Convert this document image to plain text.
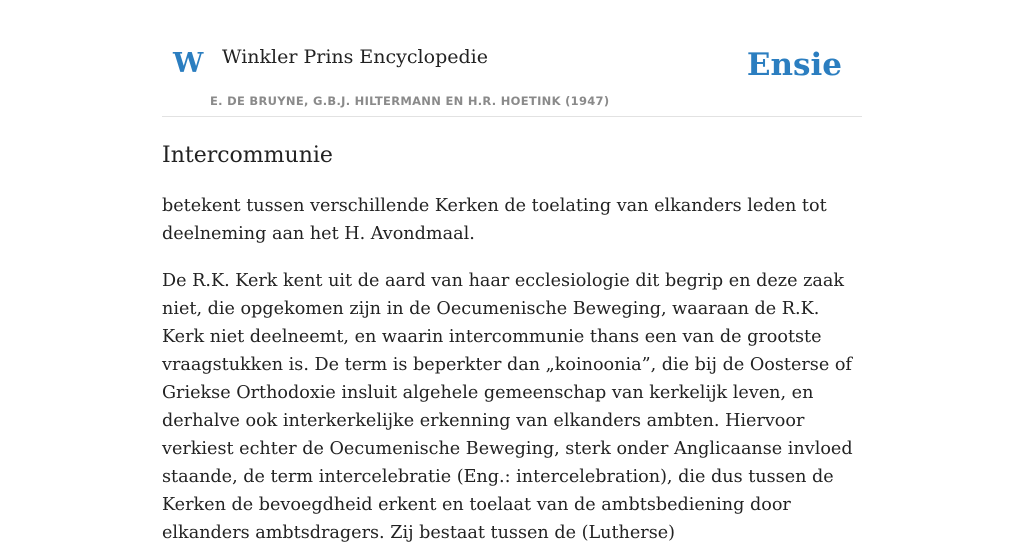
W Winkler Prins Encyclopedie
E. DE BRUYNE, G.B.J. HILTERMANN EN H.R. HOETINK (1947)
Ensie
Intercommunie

betekent tussen verschillende Kerken de toelating van elkanders leden tot deelneming aan het H. Avondmaal.

De R.K. Kerk kent uit de aard van haar ecclesiologie dit begrip en deze zaak niet, die opgekomen zijn in de Oecumenische Beweging, waaraan de R.K. Kerk niet deelneemt, en waarin intercommunie thans een van de grootste vraagstukken is. De term is beperkter dan „koinoonia”, die bij de Oosterse of Griekse Orthodoxie insluit algehele gemeenschap van kerkelijk leven, en derhalve ook interkerkelijke erkenning van elkanders ambten. Hiervoor verkiest echter de Oecumenische Beweging, sterk onder Anglicaanse invloed staande, de term intercelebratie (Eng.: intercelebration), die dus tussen de Kerken de bevoegdheid erkent en toelaat van de ambtsbediening door elkanders ambtsdragers. Zij bestaat tussen de (Lutherse)
